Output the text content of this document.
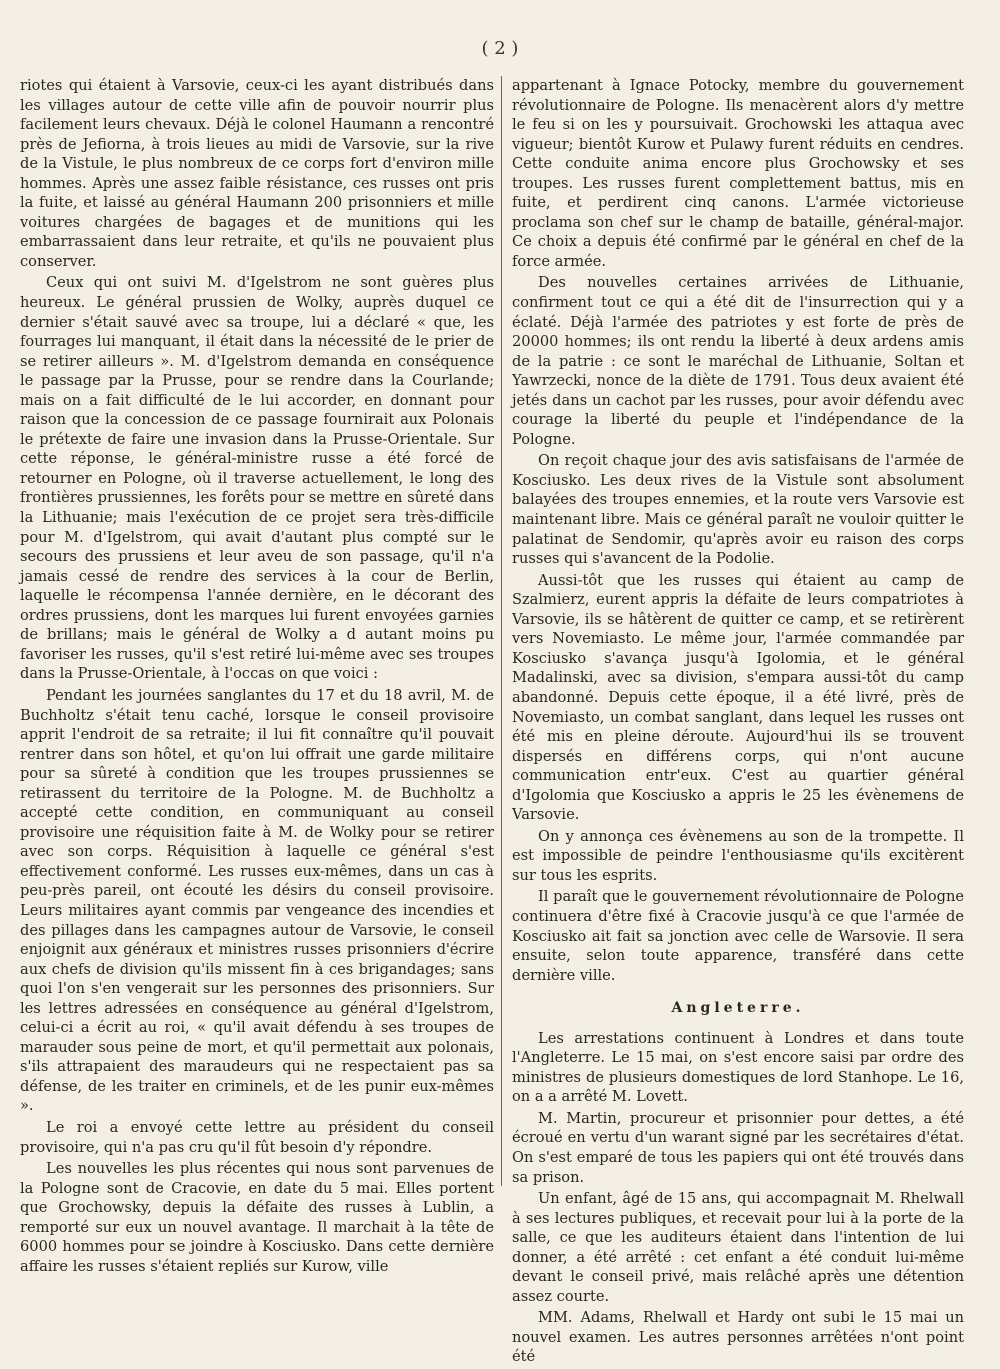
( 2 )

riotes qui étaient à Varsovie, ceux-ci les ayant distribués dans les villages autour de cette ville afin de pouvoir nourrir plus facilement leurs chevaux. Déjà le colonel Haumann a rencontré près de Jefiorna, à trois lieues au midi de Varsovie, sur la rive de la Vistule, le plus nombreux de ce corps fort d'environ mille hommes. Après une assez faible résistance, ces russes ont pris la fuite, et laissé au général Haumann 200 prisonniers et mille voitures chargées de bagages et de munitions qui les embarrassaient dans leur retraite, et qu'ils ne pouvaient plus conserver.

Ceux qui ont suivi M. d'Igelstrom ne sont guères plus heureux. Le général prussien de Wolky, auprès duquel ce dernier s'était sauvé avec sa troupe, lui a déclaré « que, les fourrages lui manquant, il était dans la nécessité de le prier de se retirer ailleurs ». M. d'Igelstrom demanda en conséquence le passage par la Prusse, pour se rendre dans la Courlande; mais on a fait difficulté de le lui accorder, en donnant pour raison que la concession de ce passage fournirait aux Polonais le prétexte de faire une invasion dans la Prusse-Orientale. Sur cette réponse, le général-ministre russe a été forcé de retourner en Pologne, où il traverse actuellement, le long des frontières prussiennes, les forêts pour se mettre en sûreté dans la Lithuanie; mais l'exécution de ce projet sera très-difficile pour M. d'Igelstrom, qui avait d'autant plus compté sur le secours des prussiens et leur aveu de son passage, qu'il n'a jamais cessé de rendre des services à la cour de Berlin, laquelle le récompensa l'année dernière, en le décorant des ordres prussiens, dont les marques lui furent envoyées garnies de brillans; mais le général de Wolky a d autant moins pu favoriser les russes, qu'il s'est retiré lui-même avec ses troupes dans la Prusse-Orientale, à l'occas on que voici :

Pendant les journées sanglantes du 17 et du 18 avril, M. de Buchholtz s'était tenu caché, lorsque le conseil provisoire apprit l'endroit de sa retraite; il lui fit connaître qu'il pouvait rentrer dans son hôtel, et qu'on lui offrait une garde militaire pour sa sûreté à condition que les troupes prussiennes se retirassent du territoire de la Pologne. M. de Buchholtz a accepté cette condition, en communiquant au conseil provisoire une réquisition faite à M. de Wolky pour se retirer avec son corps. Réquisition à laquelle ce général s'est effectivement conformé. Les russes eux-mêmes, dans un cas à peu-près pareil, ont écouté les désirs du conseil provisoire. Leurs militaires ayant commis par vengeance des incendies et des pillages dans les campagnes autour de Varsovie, le conseil enjoignit aux généraux et ministres russes prisonniers d'écrire aux chefs de division qu'ils missent fin à ces brigandages; sans quoi l'on s'en vengerait sur les personnes des prisonniers. Sur les lettres adressées en conséquence au général d'Igelstrom, celui-ci a écrit au roi, « qu'il avait défendu à ses troupes de marauder sous peine de mort, et qu'il permettait aux polonais, s'ils attrapaient des maraudeurs qui ne respectaient pas sa défense, de les traiter en criminels, et de les punir eux-mêmes ».

Le roi a envoyé cette lettre au président du conseil provisoire, qui n'a pas cru qu'il fût besoin d'y répondre.

Les nouvelles les plus récentes qui nous sont parvenues de la Pologne sont de Cracovie, en date du 5 mai. Elles portent que Grochowsky, depuis la défaite des russes à Lublin, a remporté sur eux un nouvel avantage. Il marchait à la tête de 6000 hommes pour se joindre à Kosciusko. Dans cette dernière affaire les russes s'étaient repliés sur Kurow, ville

appartenant à Ignace Potocky, membre du gouvernement révolutionnaire de Pologne. Ils menacèrent alors d'y mettre le feu si on les y poursuivait. Grochowski les attaqua avec vigueur; bientôt Kurow et Pulawy furent réduits en cendres. Cette conduite anima encore plus Grochowsky et ses troupes. Les russes furent complettement battus, mis en fuite, et perdirent cinq canons. L'armée victorieuse proclama son chef sur le champ de bataille, général-major. Ce choix a depuis été confirmé par le général en chef de la force armée.

Des nouvelles certaines arrivées de Lithuanie, confirment tout ce qui a été dit de l'insurrection qui y a éclaté. Déjà l'armée des patriotes y est forte de près de 20000 hommes; ils ont rendu la liberté à deux ardens amis de la patrie : ce sont le maréchal de Lithuanie, Soltan et Yawrzecki, nonce de la diète de 1791. Tous deux avaient été jetés dans un cachot par les russes, pour avoir défendu avec courage la liberté du peuple et l'indépendance de la Pologne.

On reçoit chaque jour des avis satisfaisans de l'armée de Kosciusko. Les deux rives de la Vistule sont absolument balayées des troupes ennemies, et la route vers Varsovie est maintenant libre. Mais ce général paraît ne vouloir quitter le palatinat de Sendomir, qu'après avoir eu raison des corps russes qui s'avancent de la Podolie.

Aussi-tôt que les russes qui étaient au camp de Szalmierz, eurent appris la défaite de leurs compatriotes à Varsovie, ils se hâtèrent de quitter ce camp, et se retirèrent vers Novemiasto. Le même jour, l'armée commandée par Kosciusko s'avança jusqu'à Igolomia, et le général Madalinski, avec sa division, s'empara aussi-tôt du camp abandonné. Depuis cette époque, il a été livré, près de Novemiasto, un combat sanglant, dans lequel les russes ont été mis en pleine déroute. Aujourd'hui ils se trouvent dispersés en différens corps, qui n'ont aucune communication entr'eux. C'est au quartier général d'Igolomia que Kosciusko a appris le 25 les évènemens de Varsovie.

On y annonça ces évènemens au son de la trompette. Il est impossible de peindre l'enthousiasme qu'ils excitèrent sur tous les esprits.

Il paraît que le gouvernement révolutionnaire de Pologne continuera d'être fixé à Cracovie jusqu'à ce que l'armée de Kosciusko ait fait sa jonction avec celle de Warsovie. Il sera ensuite, selon toute apparence, transféré dans cette dernière ville.

Angleterre.

Les arrestations continuent à Londres et dans toute l'Angleterre. Le 15 mai, on s'est encore saisi par ordre des ministres de plusieurs domestiques de lord Stanhope. Le 16, on a a arrêté M. Lovett.

M. Martin, procureur et prisonnier pour dettes, a été écroué en vertu d'un warant signé par les secrétaires d'état. On s'est emparé de tous les papiers qui ont été trouvés dans sa prison.

Un enfant, âgé de 15 ans, qui accompagnait M. Rhelwall à ses lectures publiques, et recevait pour lui à la porte de la salle, ce que les auditeurs étaient dans l'intention de lui donner, a été arrêté : cet enfant a été conduit lui-même devant le conseil privé, mais relâché après une détention assez courte.

MM. Adams, Rhelwall et Hardy ont subi le 15 mai un nouvel examen. Les autres personnes arrêtées n'ont point été
